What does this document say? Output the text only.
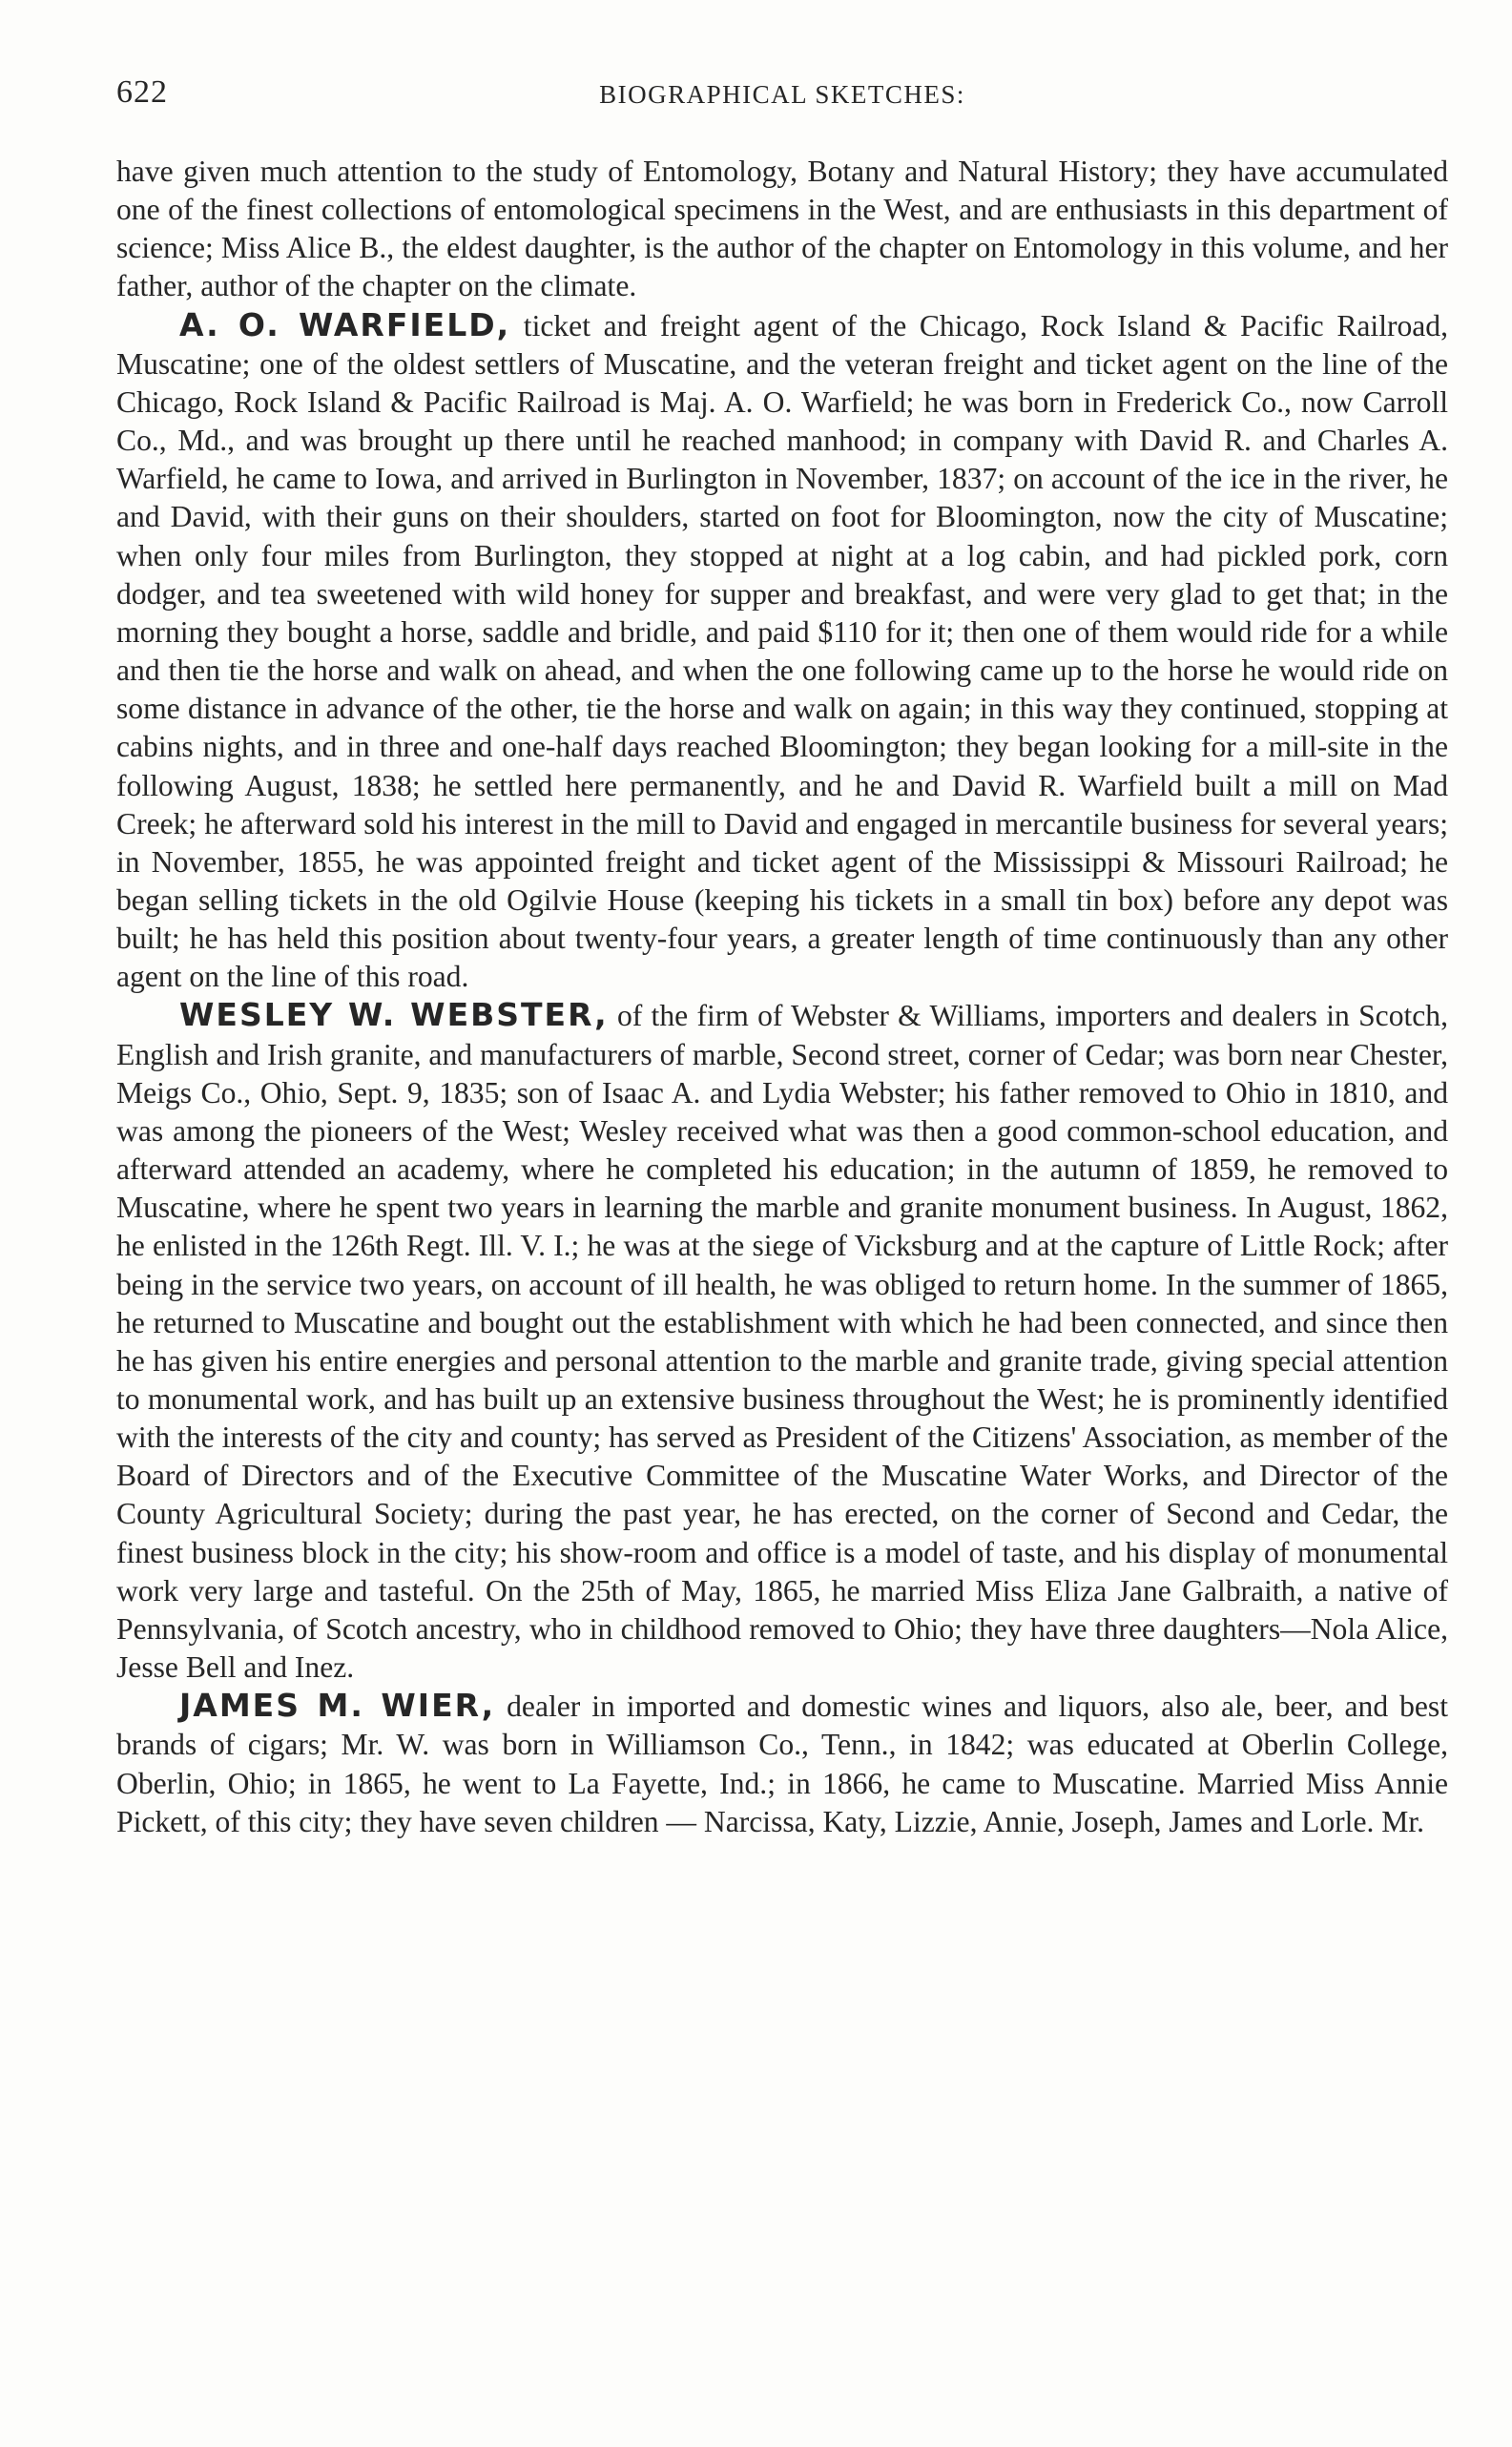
622	BIOGRAPHICAL SKETCHES:

have given much attention to the study of Entomology, Botany and Natural History; they have accumulated one of the finest collections of entomological specimens in the West, and are enthusiasts in this department of science; Miss Alice B., the eldest daughter, is the author of the chapter on Entomology in this volume, and her father, author of the chapter on the climate.

A. O. WARFIELD, ticket and freight agent of the Chicago, Rock Island & Pacific Railroad, Muscatine; one of the oldest settlers of Muscatine, and the veteran freight and ticket agent on the line of the Chicago, Rock Island & Pacific Railroad is Maj. A. O. Warfield; he was born in Frederick Co., now Carroll Co., Md., and was brought up there until he reached manhood; in company with David R. and Charles A. Warfield, he came to Iowa, and arrived in Burlington in November, 1837; on account of the ice in the river, he and David, with their guns on their shoulders, started on foot for Bloomington, now the city of Muscatine; when only four miles from Burlington, they stopped at night at a log cabin, and had pickled pork, corn dodger, and tea sweetened with wild honey for supper and breakfast, and were very glad to get that; in the morning they bought a horse, saddle and bridle, and paid $110 for it; then one of them would ride for a while and then tie the horse and walk on ahead, and when the one following came up to the horse he would ride on some distance in advance of the other, tie the horse and walk on again; in this way they continued, stopping at cabins nights, and in three and one-half days reached Bloomington; they began looking for a mill-site in the following August, 1838; he settled here permanently, and he and David R. Warfield built a mill on Mad Creek; he afterward sold his interest in the mill to David and engaged in mercantile business for several years; in November, 1855, he was appointed freight and ticket agent of the Mississippi & Missouri Railroad; he began selling tickets in the old Ogilvie House (keeping his tickets in a small tin box) before any depot was built; he has held this position about twenty-four years, a greater length of time continuously than any other agent on the line of this road.

WESLEY W. WEBSTER, of the firm of Webster & Williams, importers and dealers in Scotch, English and Irish granite, and manufacturers of marble, Second street, corner of Cedar; was born near Chester, Meigs Co., Ohio, Sept. 9, 1835; son of Isaac A. and Lydia Webster; his father removed to Ohio in 1810, and was among the pioneers of the West; Wesley received what was then a good common-school education, and afterward attended an academy, where he completed his education; in the autumn of 1859, he removed to Muscatine, where he spent two years in learning the marble and granite monument business. In August, 1862, he enlisted in the 126th Regt. Ill. V. I.; he was at the siege of Vicksburg and at the capture of Little Rock; after being in the service two years, on account of ill health, he was obliged to return home. In the summer of 1865, he returned to Muscatine and bought out the establishment with which he had been connected, and since then he has given his entire energies and personal attention to the marble and granite trade, giving special attention to monumental work, and has built up an extensive business throughout the West; he is prominently identified with the interests of the city and county; has served as President of the Citizens' Association, as member of the Board of Directors and of the Executive Committee of the Muscatine Water Works, and Director of the County Agricultural Society; during the past year, he has erected, on the corner of Second and Cedar, the finest business block in the city; his show-room and office is a model of taste, and his display of monumental work very large and tasteful. On the 25th of May, 1865, he married Miss Eliza Jane Galbraith, a native of Pennsylvania, of Scotch ancestry, who in childhood removed to Ohio; they have three daughters—Nola Alice, Jesse Bell and Inez.

JAMES M. WIER, dealer in imported and domestic wines and liquors, also ale, beer, and best brands of cigars; Mr. W. was born in Williamson Co., Tenn., in 1842; was educated at Oberlin College, Oberlin, Ohio; in 1865, he went to La Fayette, Ind.; in 1866, he came to Muscatine. Married Miss Annie Pickett, of this city; they have seven children — Narcissa, Katy, Lizzie, Annie, Joseph, James and Lorle. Mr.
